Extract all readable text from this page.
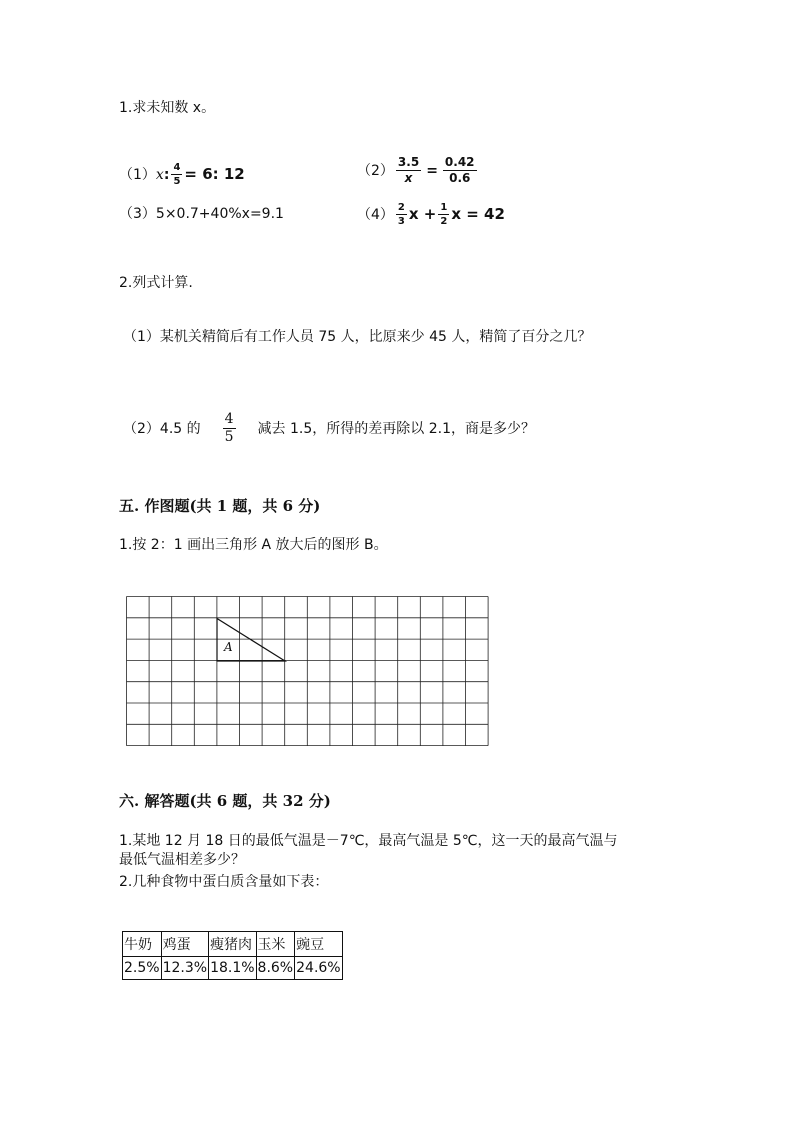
1.求未知数 x。
（1） x : $\frac{4}{5} = 6$: 12	$(2) \frac{3.5}{x} = \frac{0.42}{0.6}$
（3）5×0.7+40%x=9.1	$(4) \frac{2}{3}$ $x + \frac{1}{2}$ x = 42
2.列式计算.
（1）某机关精简后有工作人员 75 人，比原来少 45 人，精简了百分之几？
（2）4.5 的 $\frac{4}{5}$ 减去 1.5，所得的差再除以 2.1，商是多少？
五. 作图题(共 1 题，共 6 分)
1.按 2：1 画出三角形 A 放大后的图形 B。
A
六. 解答题(共 6 题，共 32 分)
1.某地 12 月 18 日的最低气温是－7℃，最高气温是 5℃，这一天的最高气温与
最低气温相差多少？
2.几种食物中蛋白质含量如下表：
牛奶	鸡蛋	瘦猪肉	玉米	豌豆
2.5%	12.3%	18.1%	8.6%	24.6%
